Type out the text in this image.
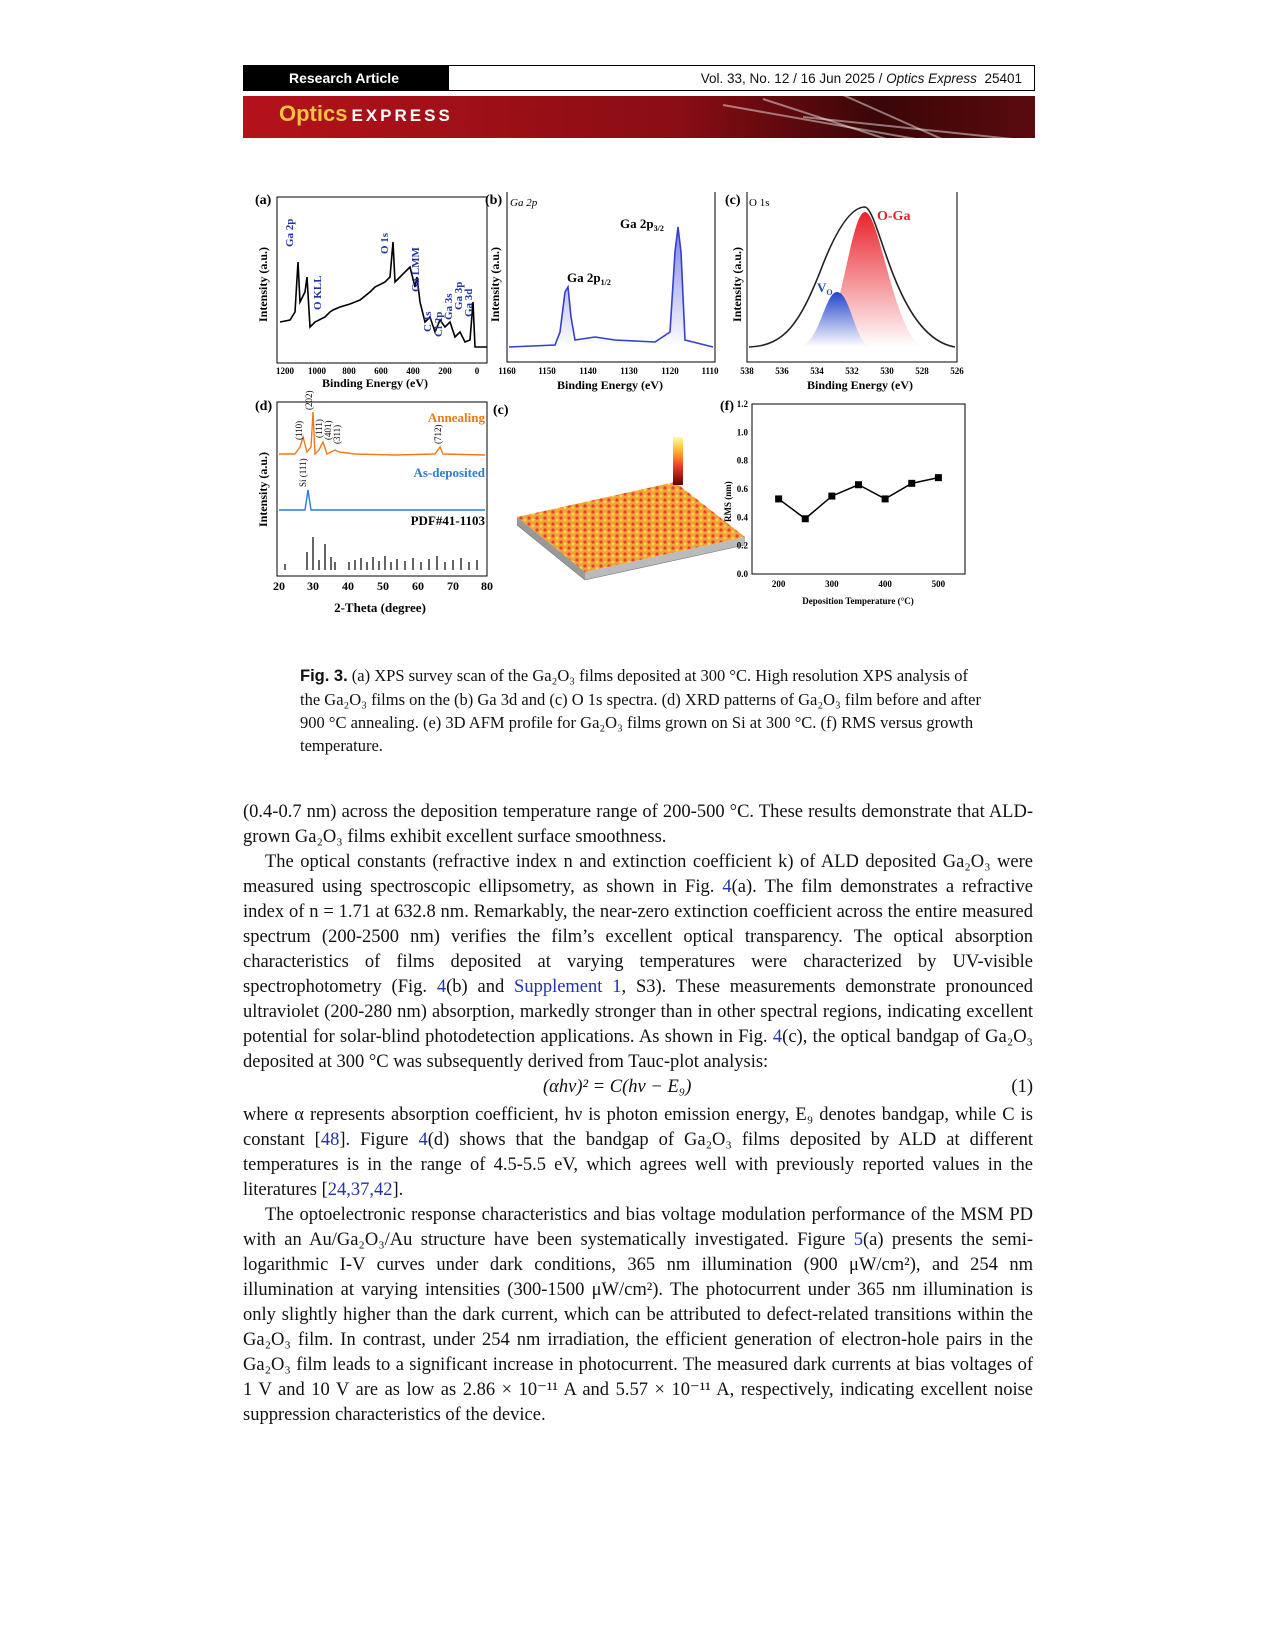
Research Article	Vol. 33, No. 12 / 16 Jun 2025 / Optics Express 25401
Optics EXPRESS
(a)
Intensity (a.u.)
Ga 2p
O KLL
O 1s
Ga LMM
C 1s Cl 2p
Ga 3s
Ga 3p
Ga 3d
1200 1000 800 600 400 200	0
Binding Energy (eV)
(b) Ga 2p
Intensity (a.u.)
Ga $2p_{3/2}$
Ga $2p_{1/2}$
1160 1150	1140	1130	1120	1110
Binding Energy (eV)
(c) O 1s
Intensity (a.u.)
O-Ga
$V_O$
538 536 534 532 530 528 526
Binding Energy (eV)
(d)
Intensity (a.u.)
Annealing
As-deposited
PDF#41-1103
(110)
(202)
(111) (401) (311)	(712)
Si (111)
20 30 40 50 60 70 80
2-Theta (degree)
(c)	(f)
RMS (nm)
1.2
1.0
0.8
0.6
0.4
0.2
0.0
200	300	400	500
Deposition Temperature (°C)
Fig. 3. (a) XPS survey scan of the Ga₂O₃ films deposited at 300 °C. High resolution XPS analysis of the Ga₂O₃ films on the (b) Ga 3d and (c) O 1s spectra. (d) XRD patterns of Ga₂O₃ film before and after 900 °C annealing. (e) 3D AFM profile for Ga₂O₃ films grown on Si at 300 °C. (f) RMS versus growth temperature.

(0.4-0.7 nm) across the deposition temperature range of 200-500 °C. These results demonstrate that ALD-grown Ga₂O₃ films exhibit excellent surface smoothness.

The optical constants (refractive index n and extinction coefficient k) of ALD deposited Ga₂O₃ were measured using spectroscopic ellipsometry, as shown in Fig. 4(a). The film demonstrates a refractive index of n = 1.71 at 632.8 nm. Remarkably, the near-zero extinction coefficient across the entire measured spectrum (200-2500 nm) verifies the film’s excellent optical transparency. The optical absorption characteristics of films deposited at varying temperatures were characterized by UV-visible spectrophotometry (Fig. 4(b) and Supplement 1, S3). These measurements demonstrate pronounced ultraviolet (200-280 nm) absorption, markedly stronger than in other spectral regions, indicating excellent potential for solar-blind photodetection applications. As shown in Fig. 4(c), the optical bandgap of Ga₂O₃ deposited at 300 °C was subsequently derived from Tauc-plot analysis:

(αhν)² = C(hν − E₉)	(1)

where α represents absorption coefficient, hν is photon emission energy, E₉ denotes bandgap, while C is constant [48]. Figure 4(d) shows that the bandgap of Ga₂O₃ films deposited by ALD at different temperatures is in the range of 4.5-5.5 eV, which agrees well with previously reported values in the literatures [24,37,42].

The optoelectronic response characteristics and bias voltage modulation performance of the MSM PD with an Au/Ga₂O₃/Au structure have been systematically investigated. Figure 5(a) presents the semi-logarithmic I-V curves under dark conditions, 365 nm illumination (900 μW/cm²), and 254 nm illumination at varying intensities (300-1500 μW/cm²). The photocurrent under 365 nm illumination is only slightly higher than the dark current, which can be attributed to defect-related transitions within the Ga₂O₃ film. In contrast, under 254 nm irradiation, the efficient generation of electron-hole pairs in the Ga₂O₃ film leads to a significant increase in photocurrent. The measured dark currents at bias voltages of 1 V and 10 V are as low as 2.86 × 10⁻¹¹ A and 5.57 × 10⁻¹¹ A, respectively, indicating excellent noise suppression characteristics of the device.
